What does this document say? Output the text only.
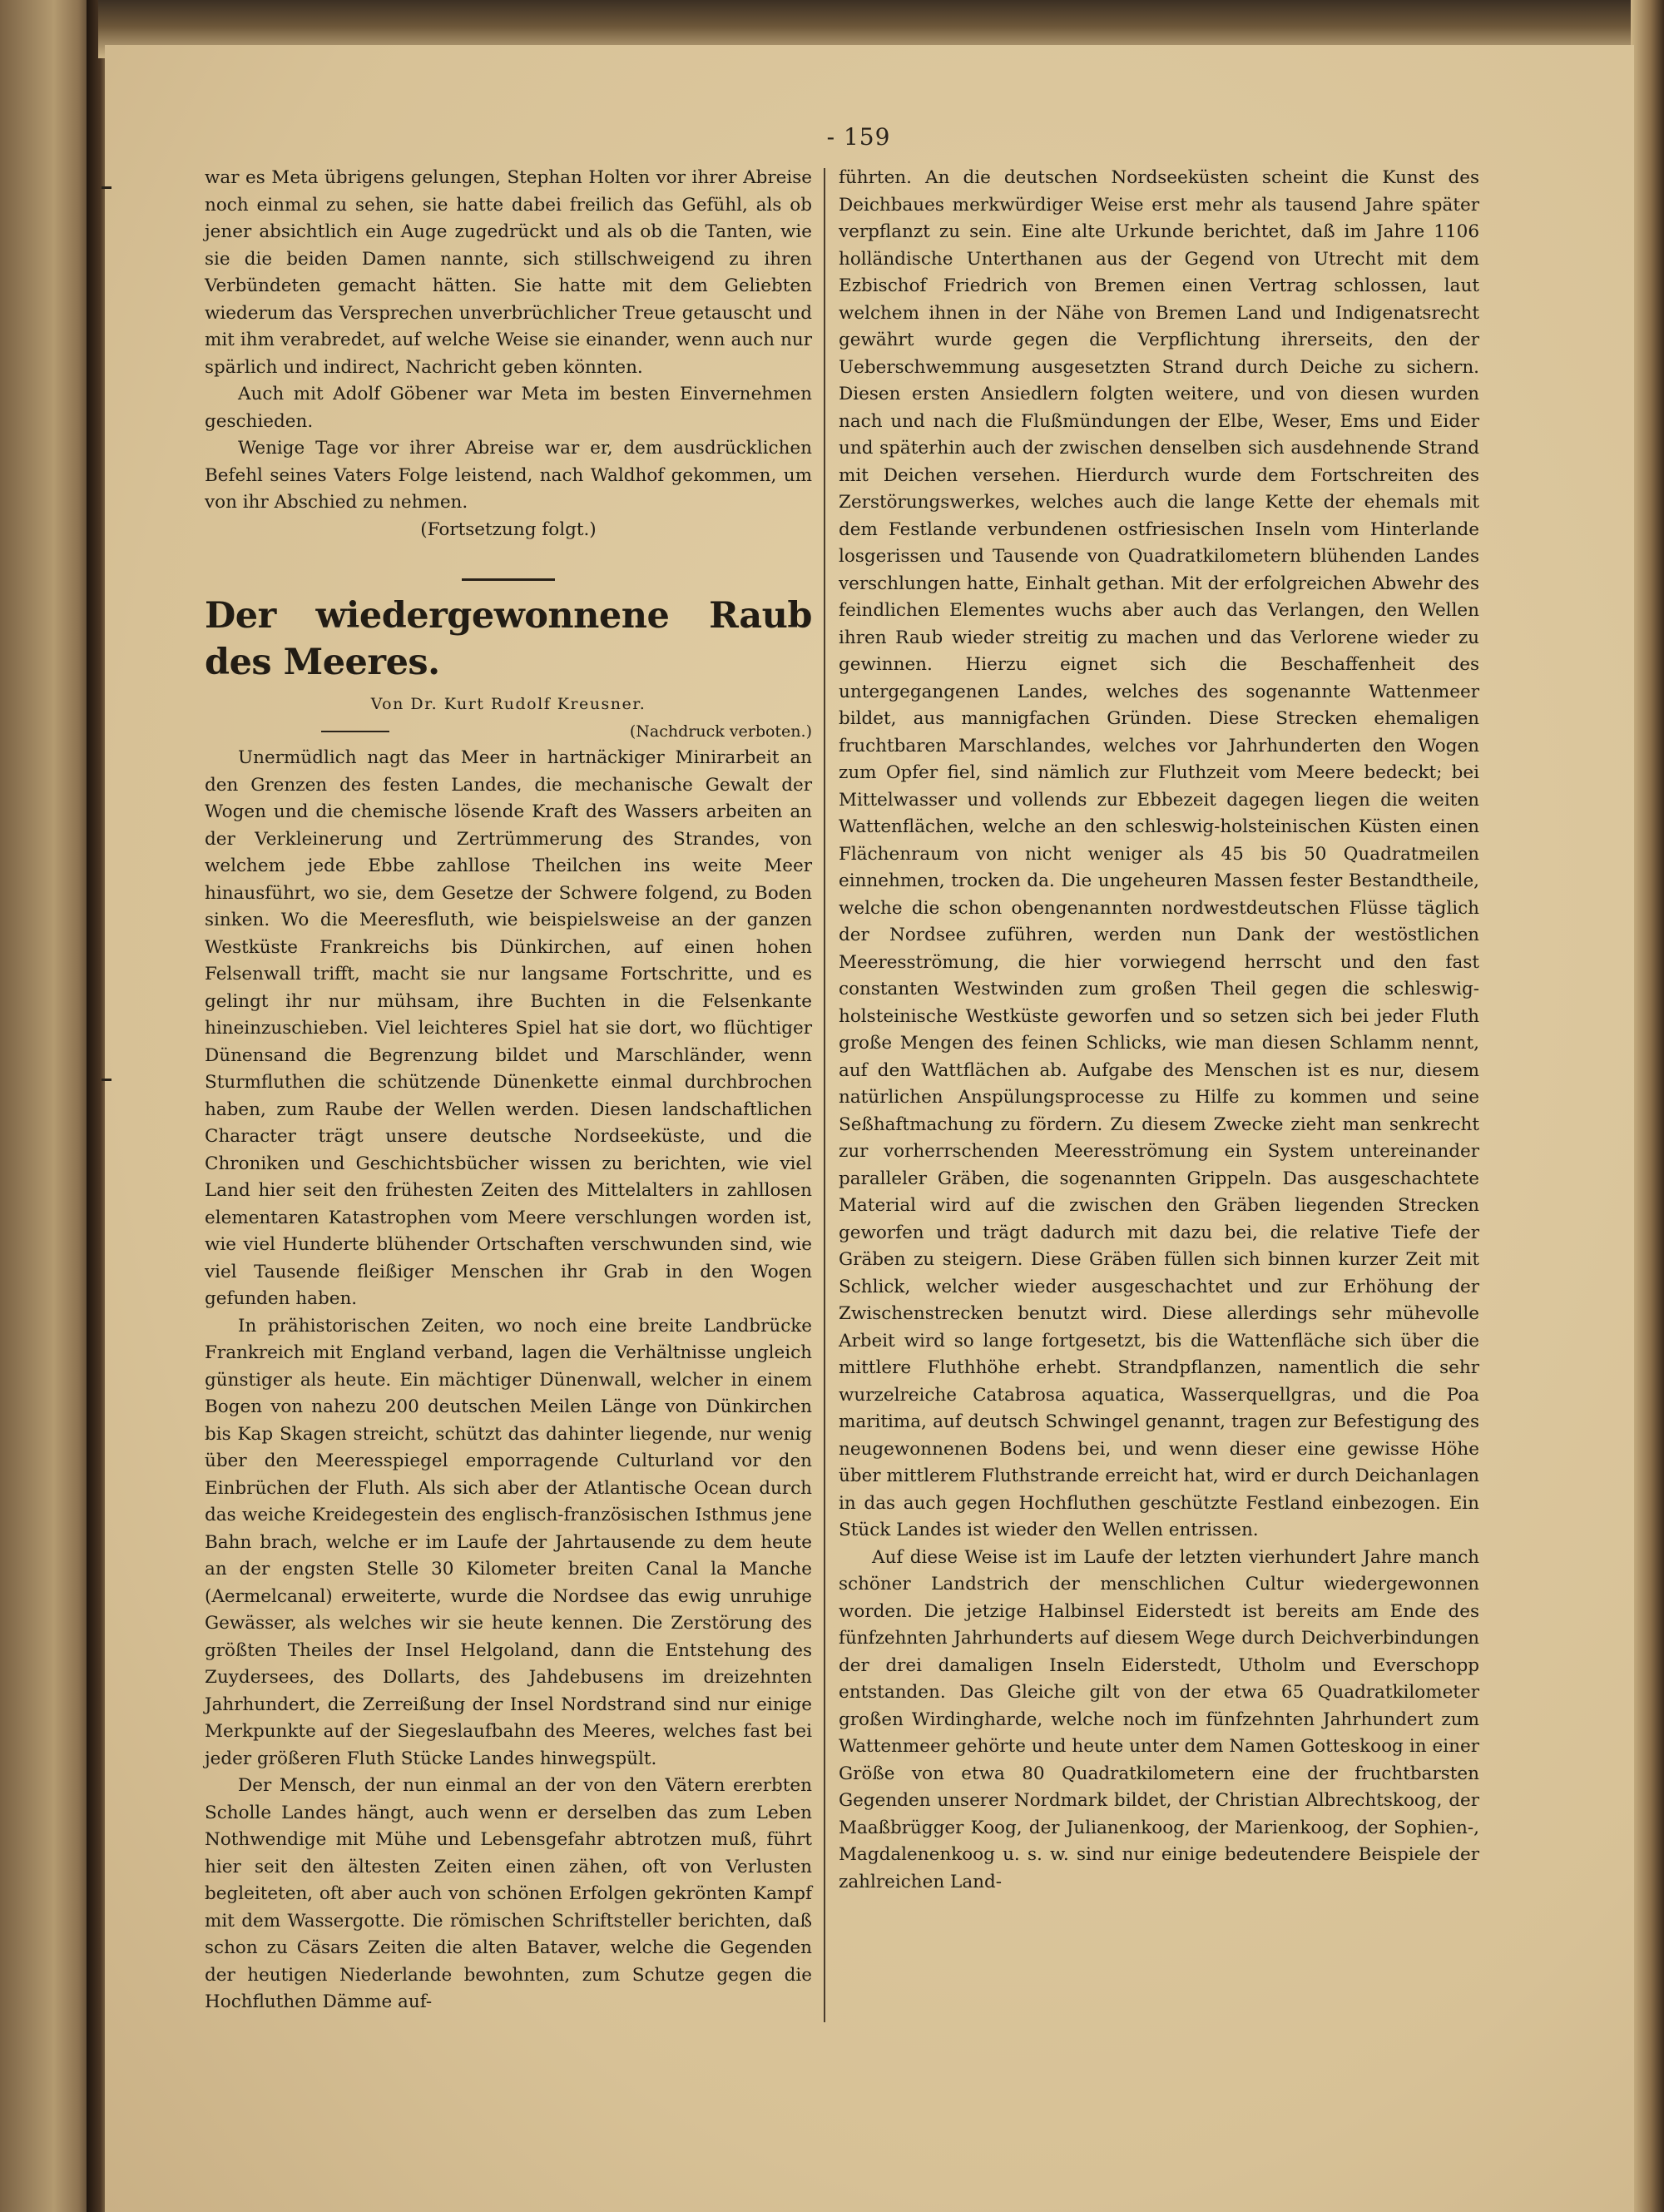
- 159

war es Meta übrigens gelungen, Stephan Holten vor ihrer Abreise noch einmal zu sehen, sie hatte dabei freilich das Gefühl, als ob jener absichtlich ein Auge zugedrückt und als ob die Tanten, wie sie die beiden Damen nannte, sich stillschweigend zu ihren Verbündeten gemacht hätten. Sie hatte mit dem Geliebten wiederum das Versprechen unverbrüchlicher Treue getauscht und mit ihm verabredet, auf welche Weise sie einander, wenn auch nur spärlich und indirect, Nachricht geben könnten.

Auch mit Adolf Göbener war Meta im besten Einvernehmen geschieden.

Wenige Tage vor ihrer Abreise war er, dem ausdrücklichen Befehl seines Vaters Folge leistend, nach Waldhof gekommen, um von ihr Abschied zu nehmen.

(Fortsetzung folgt.)

Der wiedergewonnene Raub des Meeres.

Von Dr. Kurt Rudolf Kreusner.

(Nachdruck verboten.)

Unermüdlich nagt das Meer in hartnäckiger Minirarbeit an den Grenzen des festen Landes, die mechanische Gewalt der Wogen und die chemische lösende Kraft des Wassers arbeiten an der Verkleinerung und Zertrümmerung des Strandes, von welchem jede Ebbe zahllose Theilchen ins weite Meer hinausführt, wo sie, dem Gesetze der Schwere folgend, zu Boden sinken. Wo die Meeresfluth, wie beispielsweise an der ganzen Westküste Frankreichs bis Dünkirchen, auf einen hohen Felsenwall trifft, macht sie nur langsame Fortschritte, und es gelingt ihr nur mühsam, ihre Buchten in die Felsenkante hineinzuschieben. Viel leichteres Spiel hat sie dort, wo flüchtiger Dünensand die Begrenzung bildet und Marschländer, wenn Sturmfluthen die schützende Dünenkette einmal durchbrochen haben, zum Raube der Wellen werden. Diesen landschaftlichen Character trägt unsere deutsche Nordseeküste, und die Chroniken und Geschichtsbücher wissen zu berichten, wie viel Land hier seit den frühesten Zeiten des Mittelalters in zahllosen elementaren Katastrophen vom Meere verschlungen worden ist, wie viel Hunderte blühender Ortschaften verschwunden sind, wie viel Tausende fleißiger Menschen ihr Grab in den Wogen gefunden haben.

In prähistorischen Zeiten, wo noch eine breite Landbrücke Frankreich mit England verband, lagen die Verhältnisse ungleich günstiger als heute. Ein mächtiger Dünenwall, welcher in einem Bogen von nahezu 200 deutschen Meilen Länge von Dünkirchen bis Kap Skagen streicht, schützt das dahinter liegende, nur wenig über den Meeresspiegel emporragende Culturland vor den Einbrüchen der Fluth. Als sich aber der Atlantische Ocean durch das weiche Kreidegestein des englisch-französischen Isthmus jene Bahn brach, welche er im Laufe der Jahrtausende zu dem heute an der engsten Stelle 30 Kilometer breiten Canal la Manche (Aermelcanal) erweiterte, wurde die Nordsee das ewig unruhige Gewässer, als welches wir sie heute kennen. Die Zerstörung des größten Theiles der Insel Helgoland, dann die Entstehung des Zuydersees, des Dollarts, des Jahdebusens im dreizehnten Jahrhundert, die Zerreißung der Insel Nordstrand sind nur einige Merkpunkte auf der Siegeslaufbahn des Meeres, welches fast bei jeder größeren Fluth Stücke Landes hinwegspült.

Der Mensch, der nun einmal an der von den Vätern ererbten Scholle Landes hängt, auch wenn er derselben das zum Leben Nothwendige mit Mühe und Lebensgefahr abtrotzen muß, führt hier seit den ältesten Zeiten einen zähen, oft von Verlusten begleiteten, oft aber auch von schönen Erfolgen gekrönten Kampf mit dem Wassergotte. Die römischen Schriftsteller berichten, daß schon zu Cäsars Zeiten die alten Bataver, welche die Gegenden der heutigen Niederlande bewohnten, zum Schutze gegen die Hochfluthen Dämme auf-

führten. An die deutschen Nordseeküsten scheint die Kunst des Deichbaues merkwürdiger Weise erst mehr als tausend Jahre später verpflanzt zu sein. Eine alte Urkunde berichtet, daß im Jahre 1106 holländische Unterthanen aus der Gegend von Utrecht mit dem Ezbischof Friedrich von Bremen einen Vertrag schlossen, laut welchem ihnen in der Nähe von Bremen Land und Indigenatsrecht gewährt wurde gegen die Verpflichtung ihrerseits, den der Ueberschwemmung ausgesetzten Strand durch Deiche zu sichern. Diesen ersten Ansiedlern folgten weitere, und von diesen wurden nach und nach die Flußmündungen der Elbe, Weser, Ems und Eider und späterhin auch der zwischen denselben sich ausdehnende Strand mit Deichen versehen. Hierdurch wurde dem Fortschreiten des Zerstörungswerkes, welches auch die lange Kette der ehemals mit dem Festlande verbundenen ostfriesischen Inseln vom Hinterlande losgerissen und Tausende von Quadratkilometern blühenden Landes verschlungen hatte, Einhalt gethan. Mit der erfolgreichen Abwehr des feindlichen Elementes wuchs aber auch das Verlangen, den Wellen ihren Raub wieder streitig zu machen und das Verlorene wieder zu gewinnen. Hierzu eignet sich die Beschaffenheit des untergegangenen Landes, welches des sogenannte Wattenmeer bildet, aus mannigfachen Gründen. Diese Strecken ehemaligen fruchtbaren Marschlandes, welches vor Jahrhunderten den Wogen zum Opfer fiel, sind nämlich zur Fluthzeit vom Meere bedeckt; bei Mittelwasser und vollends zur Ebbezeit dagegen liegen die weiten Wattenflächen, welche an den schleswig-holsteinischen Küsten einen Flächenraum von nicht weniger als 45 bis 50 Quadratmeilen einnehmen, trocken da. Die ungeheuren Massen fester Bestandtheile, welche die schon obengenannten nordwestdeutschen Flüsse täglich der Nordsee zuführen, werden nun Dank der westöstlichen Meeresströmung, die hier vorwiegend herrscht und den fast constanten Westwinden zum großen Theil gegen die schleswig-holsteinische Westküste geworfen und so setzen sich bei jeder Fluth große Mengen des feinen Schlicks, wie man diesen Schlamm nennt, auf den Wattflächen ab. Aufgabe des Menschen ist es nur, diesem natürlichen Anspülungsprocesse zu Hilfe zu kommen und seine Seßhaftmachung zu fördern. Zu diesem Zwecke zieht man senkrecht zur vorherrschenden Meeresströmung ein System untereinander paralleler Gräben, die sogenannten Grippeln. Das ausgeschachtete Material wird auf die zwischen den Gräben liegenden Strecken geworfen und trägt dadurch mit dazu bei, die relative Tiefe der Gräben zu steigern. Diese Gräben füllen sich binnen kurzer Zeit mit Schlick, welcher wieder ausgeschachtet und zur Erhöhung der Zwischenstrecken benutzt wird. Diese allerdings sehr mühevolle Arbeit wird so lange fortgesetzt, bis die Wattenfläche sich über die mittlere Fluthhöhe erhebt. Strandpflanzen, namentlich die sehr wurzelreiche Catabrosa aquatica, Wasserquellgras, und die Poa maritima, auf deutsch Schwingel genannt, tragen zur Befestigung des neugewonnenen Bodens bei, und wenn dieser eine gewisse Höhe über mittlerem Fluthstrande erreicht hat, wird er durch Deichanlagen in das auch gegen Hochfluthen geschützte Festland einbezogen. Ein Stück Landes ist wieder den Wellen entrissen.

Auf diese Weise ist im Laufe der letzten vierhundert Jahre manch schöner Landstrich der menschlichen Cultur wiedergewonnen worden. Die jetzige Halbinsel Eiderstedt ist bereits am Ende des fünfzehnten Jahrhunderts auf diesem Wege durch Deichverbindungen der drei damaligen Inseln Eiderstedt, Utholm und Everschopp entstanden. Das Gleiche gilt von der etwa 65 Quadratkilometer großen Wirdingharde, welche noch im fünfzehnten Jahrhundert zum Wattenmeer gehörte und heute unter dem Namen Gotteskoog in einer Größe von etwa 80 Quadratkilometern eine der fruchtbarsten Gegenden unserer Nordmark bildet, der Christian Albrechtskoog, der Maaßbrügger Koog, der Julianenkoog, der Marienkoog, der Sophien-, Magdalenenkoog u. s. w. sind nur einige bedeutendere Beispiele der zahlreichen Land-
